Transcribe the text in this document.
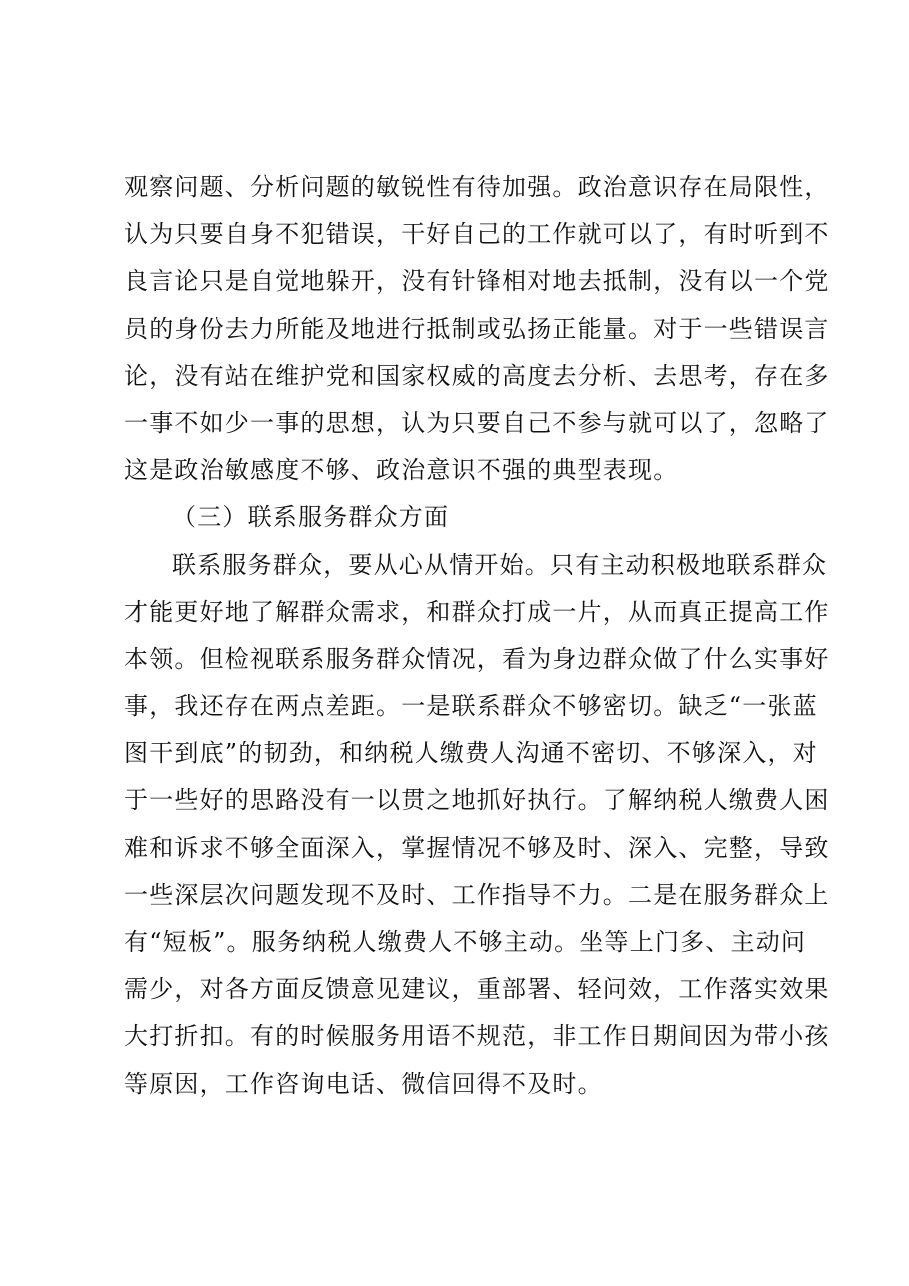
观察问题、分析问题的敏锐性有待加强。政治意识存在局限性，
认为只要自身不犯错误，干好自己的工作就可以了，有时听到不
良言论只是自觉地躲开，没有针锋相对地去抵制，没有以一个党
员的身份去力所能及地进行抵制或弘扬正能量。对于一些错误言
论，没有站在维护党和国家权威的高度去分析、去思考，存在多
一事不如少一事的思想，认为只要自己不参与就可以了，忽略了
这是政治敏感度不够、政治意识不强的典型表现。
（三）联系服务群众方面
联系服务群众，要从心从情开始。只有主动积极地联系群众
才能更好地了解群众需求，和群众打成一片，从而真正提高工作
本领。但检视联系服务群众情况，看为身边群众做了什么实事好
事，我还存在两点差距。一是联系群众不够密切。缺乏“一张蓝
图干到底”的韧劲，和纳税人缴费人沟通不密切、不够深入，对
于一些好的思路没有一以贯之地抓好执行。了解纳税人缴费人困
难和诉求不够全面深入，掌握情况不够及时、深入、完整，导致
一些深层次问题发现不及时、工作指导不力。二是在服务群众上
有“短板”。服务纳税人缴费人不够主动。坐等上门多、主动问
需少，对各方面反馈意见建议，重部署、轻问效，工作落实效果
大打折扣。有的时候服务用语不规范，非工作日期间因为带小孩
等原因，工作咨询电话、微信回得不及时。
